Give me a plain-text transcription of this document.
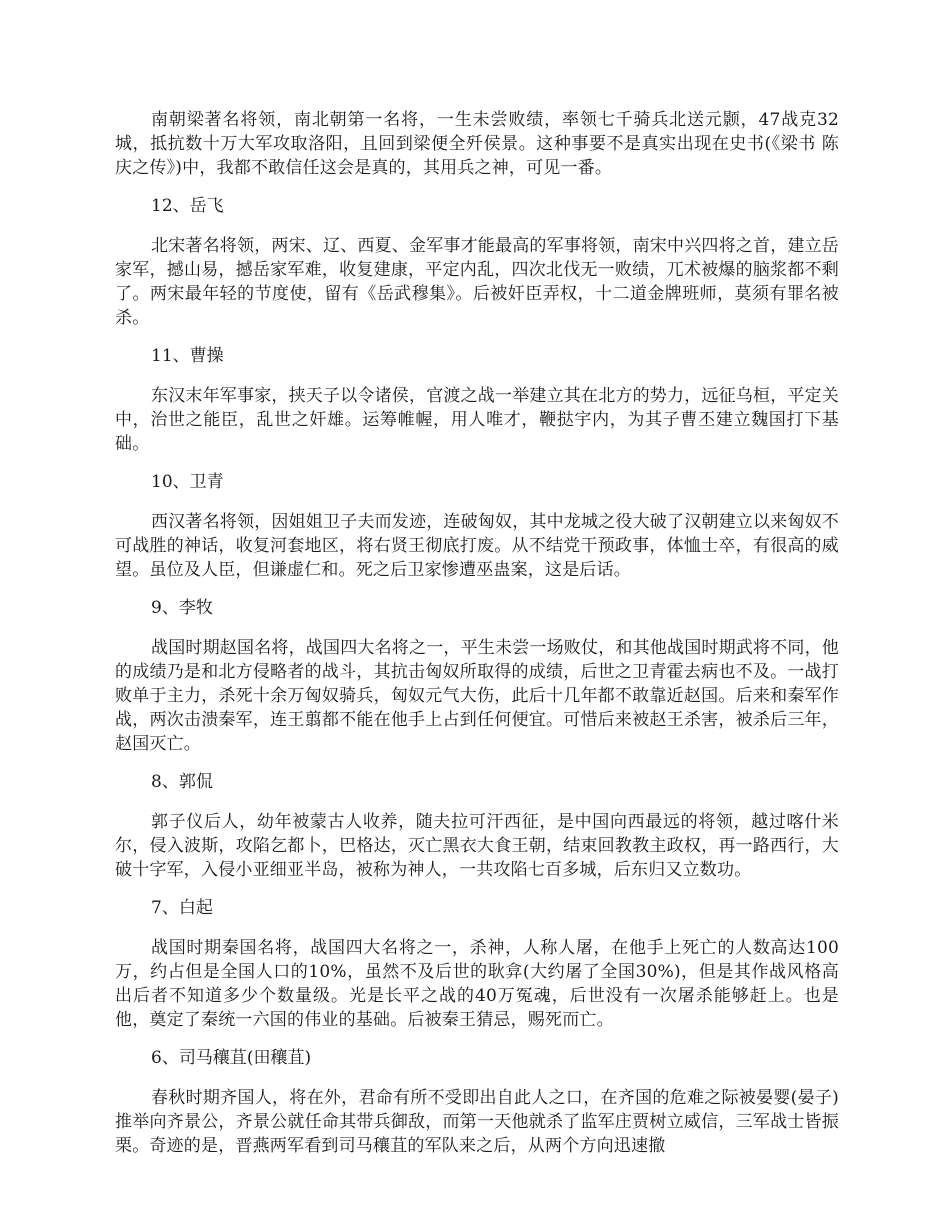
南朝梁著名将领，南北朝第一名将，一生未尝败绩，率领七千骑兵北送元颢，47战克32城，抵抗数十万大军攻取洛阳，且回到梁便全歼侯景。这种事要不是真实出现在史书(《梁书 陈庆之传》)中，我都不敢信任这会是真的，其用兵之神，可见一番。

12、岳飞

北宋著名将领，两宋、辽、西夏、金军事才能最高的军事将领，南宋中兴四将之首，建立岳家军，撼山易，撼岳家军难，收复建康，平定内乱，四次北伐无一败绩，兀术被爆的脑浆都不剩了。两宋最年轻的节度使，留有《岳武穆集》。后被奸臣弄权，十二道金牌班师，莫须有罪名被杀。

11、曹操

东汉末年军事家，挟天子以令诸侯，官渡之战一举建立其在北方的势力，远征乌桓，平定关中，治世之能臣，乱世之奸雄。运筹帷幄，用人唯才，鞭挞宇内，为其子曹丕建立魏国打下基础。

10、卫青

西汉著名将领，因姐姐卫子夫而发迹，连破匈奴，其中龙城之役大破了汉朝建立以来匈奴不可战胜的神话，收复河套地区，将右贤王彻底打废。从不结党干预政事，体恤士卒，有很高的威望。虽位及人臣，但谦虚仁和。死之后卫家惨遭巫蛊案，这是后话。

9、李牧

战国时期赵国名将，战国四大名将之一，平生未尝一场败仗，和其他战国时期武将不同，他的成绩乃是和北方侵略者的战斗，其抗击匈奴所取得的成绩，后世之卫青霍去病也不及。一战打败单于主力，杀死十余万匈奴骑兵，匈奴元气大伤，此后十几年都不敢靠近赵国。后来和秦军作战，两次击溃秦军，连王翦都不能在他手上占到任何便宜。可惜后来被赵王杀害，被杀后三年，赵国灭亡。

8、郭侃

郭子仪后人，幼年被蒙古人收养，随夫拉可汗西征，是中国向西最远的将领，越过喀什米尔，侵入波斯，攻陷乞都卜，巴格达，灭亡黑衣大食王朝，结束回教教主政权，再一路西行，大破十字军，入侵小亚细亚半岛，被称为神人，一共攻陷七百多城，后东归又立数功。

7、白起

战国时期秦国名将，战国四大名将之一，杀神，人称人屠，在他手上死亡的人数高达100万，约占但是全国人口的10%，虽然不及后世的耿弇(大约屠了全国30%)，但是其作战风格高出后者不知道多少个数量级。光是长平之战的40万冤魂，后世没有一次屠杀能够赶上。也是他，奠定了秦统一六国的伟业的基础。后被秦王猜忌，赐死而亡。

6、司马穰苴(田穰苴)

春秋时期齐国人，将在外，君命有所不受即出自此人之口，在齐国的危难之际被晏婴(晏子)推举向齐景公，齐景公就任命其带兵御敌，而第一天他就杀了监军庄贾树立威信，三军战士皆振栗。奇迹的是，晋燕两军看到司马穰苴的军队来之后，从两个方向迅速撤
